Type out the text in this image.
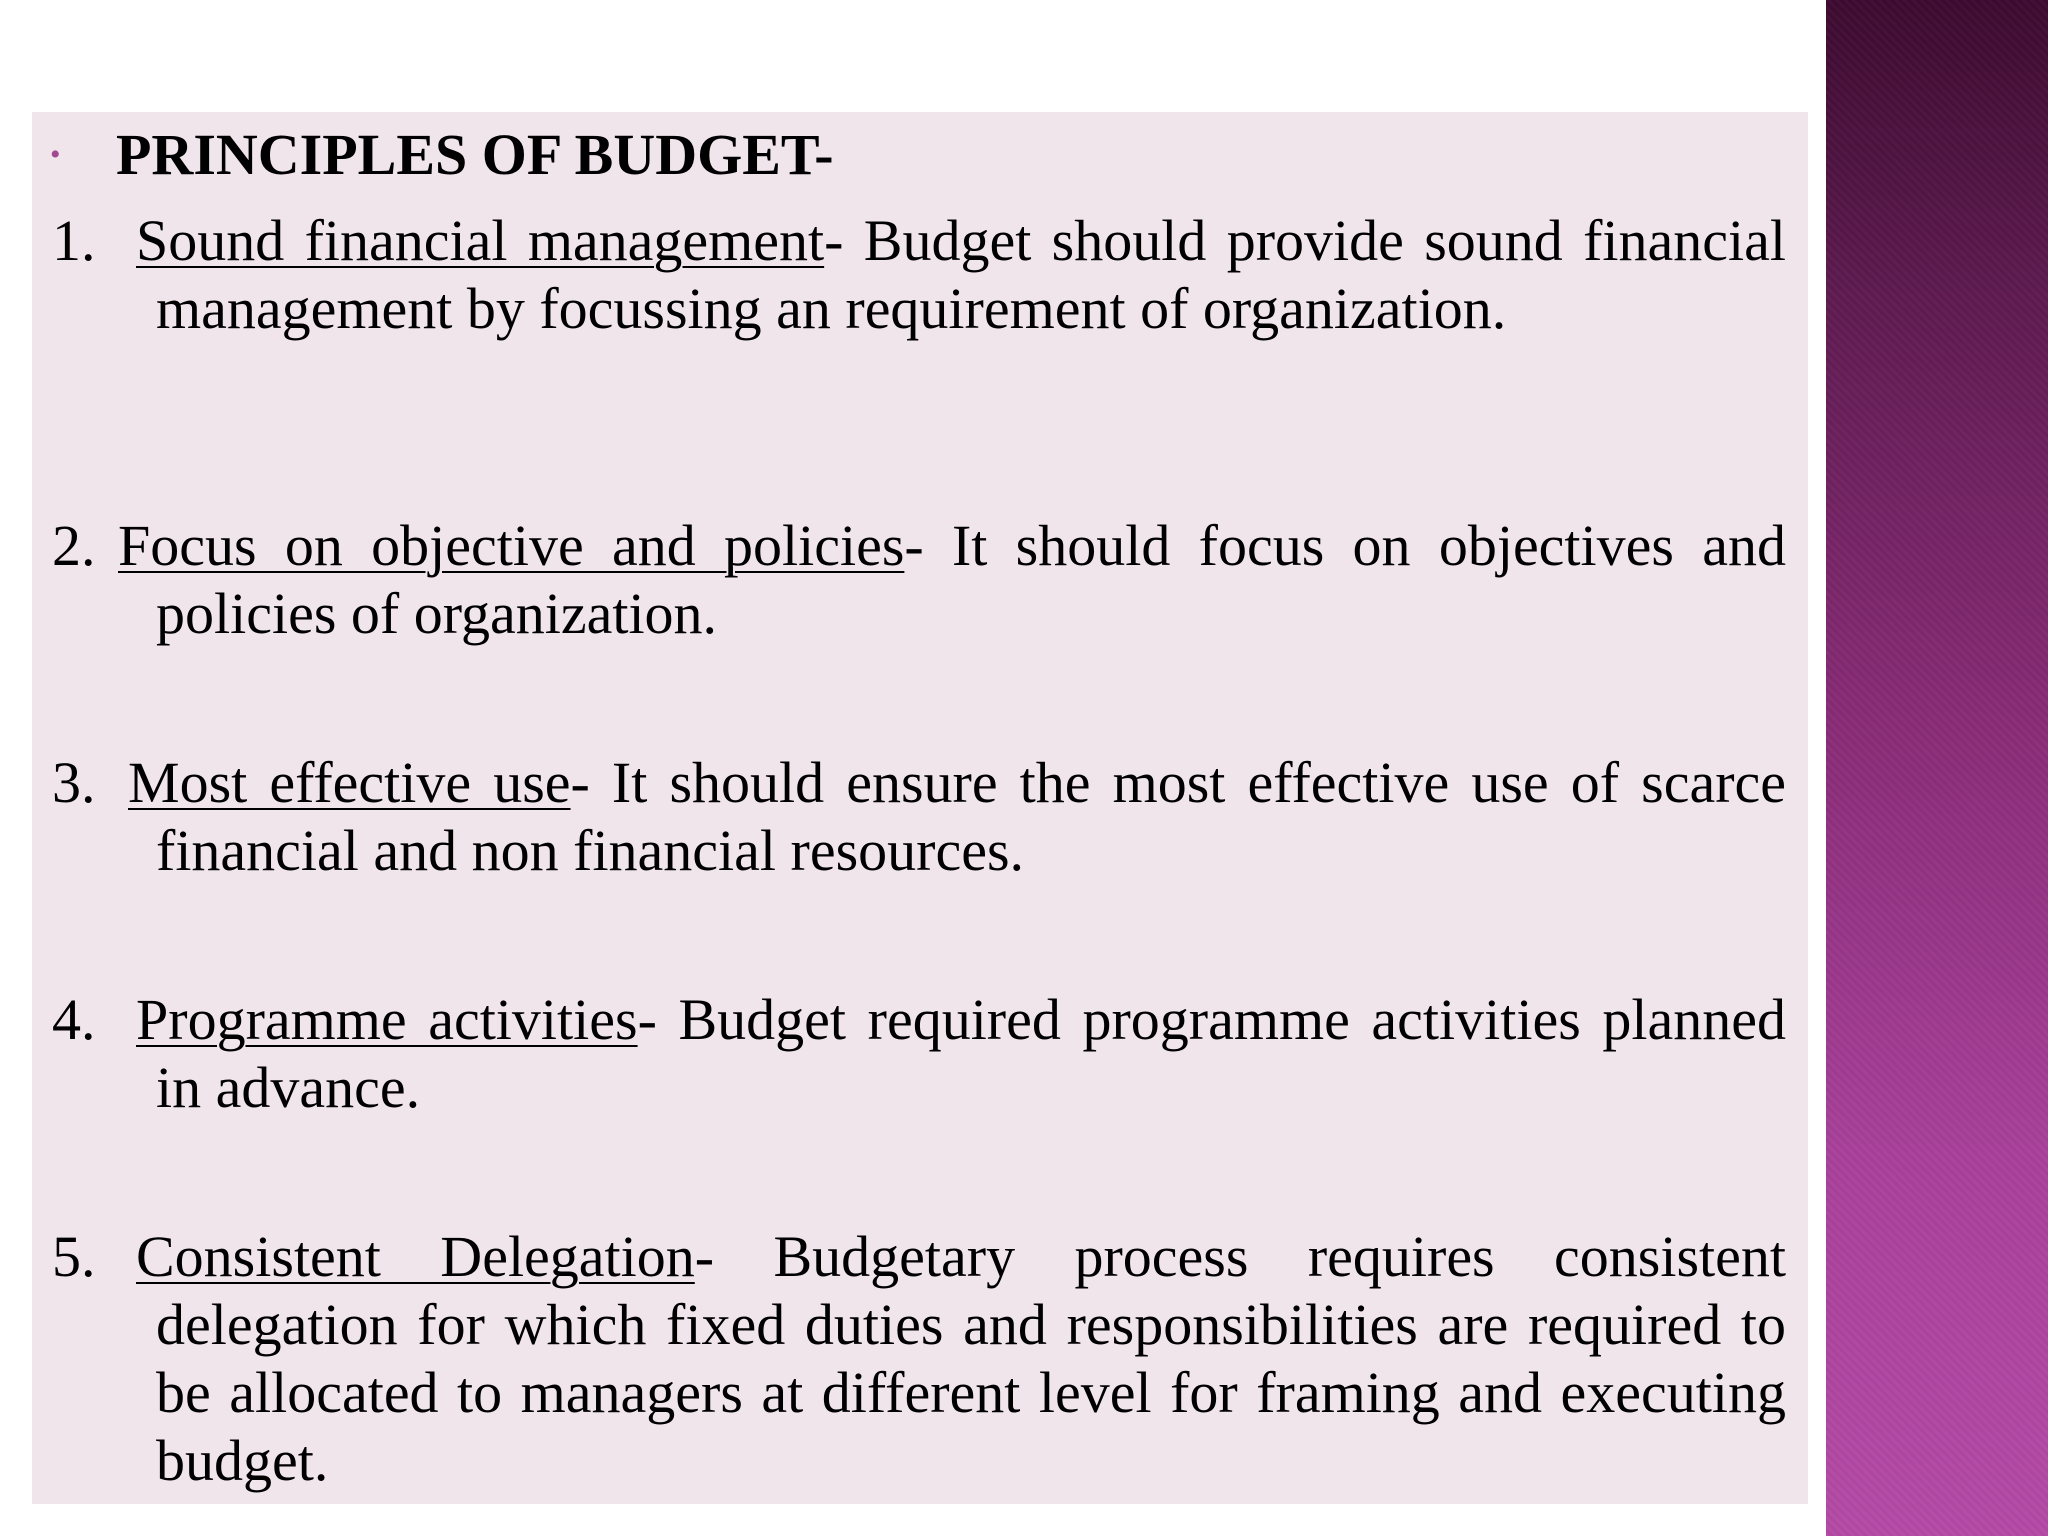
• PRINCIPLES OF BUDGET-

1. Sound financial management- Budget should provide sound financial management by focussing an requirement of organization.

2. Focus on objective and policies- It should focus on objectives and policies of organization.

3. Most effective use- It should ensure the most effective use of scarce financial and non financial resources.

4. Programme activities- Budget required programme activities planned in advance.

5. Consistent Delegation- Budgetary process requires consistent delegation for which fixed duties and responsibilities are required to be allocated to managers at different level for framing and executing budget.
